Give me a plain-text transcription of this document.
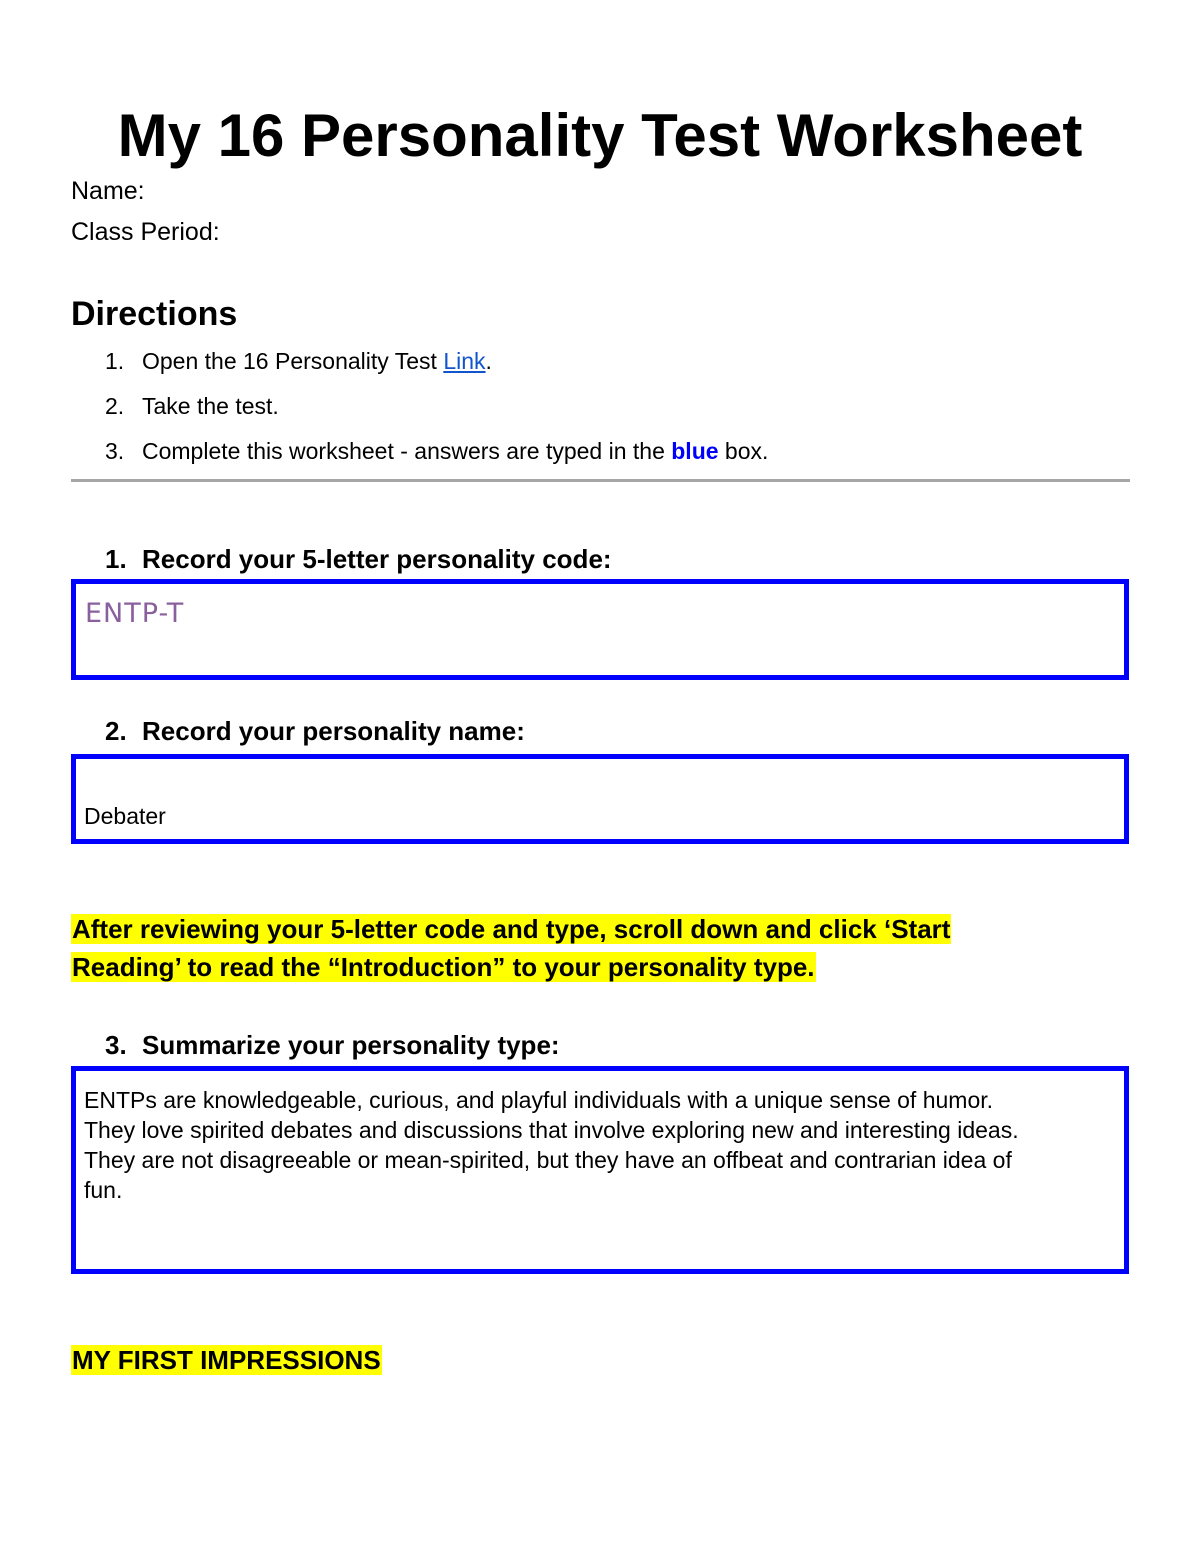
My 16 Personality Test Worksheet
Name:
Class Period:
Directions
1. Open the 16 Personality Test Link.
2. Take the test.
3. Complete this worksheet - answers are typed in the blue box.
1. Record your 5-letter personality code:
ENTP-T
2. Record your personality name:
Debater
After reviewing your 5-letter code and type, scroll down and click ‘Start
Reading’ to read the “Introduction” to your personality type.
3. Summarize your personality type:
ENTPs are knowledgeable, curious, and playful individuals with a unique sense of humor.
They love spirited debates and discussions that involve exploring new and interesting ideas.
They are not disagreeable or mean-spirited, but they have an offbeat and contrarian idea of
fun.
MY FIRST IMPRESSIONS
